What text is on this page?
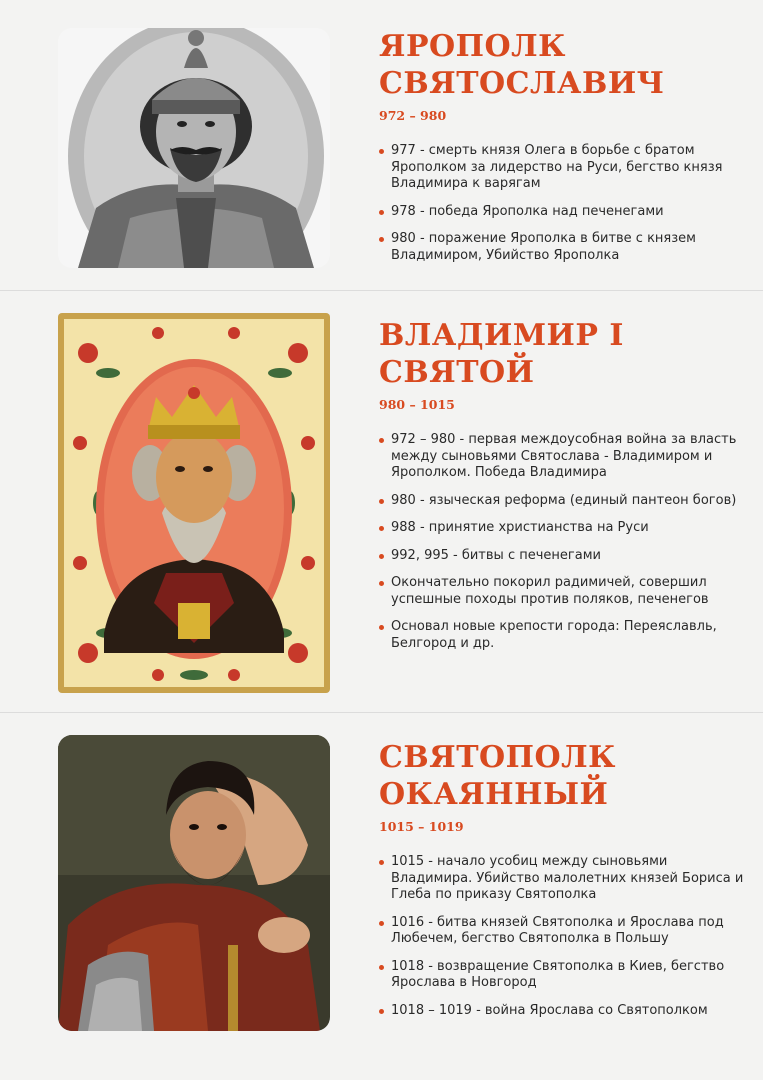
ЯРОПОЛК
СВЯТОСЛАВИЧ

972 – 980

977 - смерть князя Олега в борьбе с братом Ярополком за лидерство на Руси, бегство князя Владимира к варягам
978 - победа Ярополка над печенегами
980 - поражение Ярополка в битве с князем Владимиром, Убийство Ярополка
ВЛАДИМИР I
СВЯТОЙ

980 – 1015

972 – 980 - первая междоусобная война за власть между сыновьями Святослава - Владимиром и Ярополком. Победа Владимира
980 - языческая реформа (единый пантеон богов)
988 - принятие христианства на Руси
992, 995 - битвы с печенегами
Окончательно покорил радимичей, совершил успешные походы против поляков, печенегов
Основал новые крепости города: Переяславль, Белгород и др.
СВЯТОПОЛК
ОКАЯННЫЙ

1015 – 1019

1015 - начало усобиц между сыновьями Владимира. Убийство малолетних князей Бориса и Глеба по приказу Святополка
1016 - битва князей Святополка и Ярослава под Любечем, бегство Святополка в Польшу
1018 - возвращение Святополка в Киев, бегство Ярослава в Новгород
1018 – 1019 - война Ярослава со Святополком
